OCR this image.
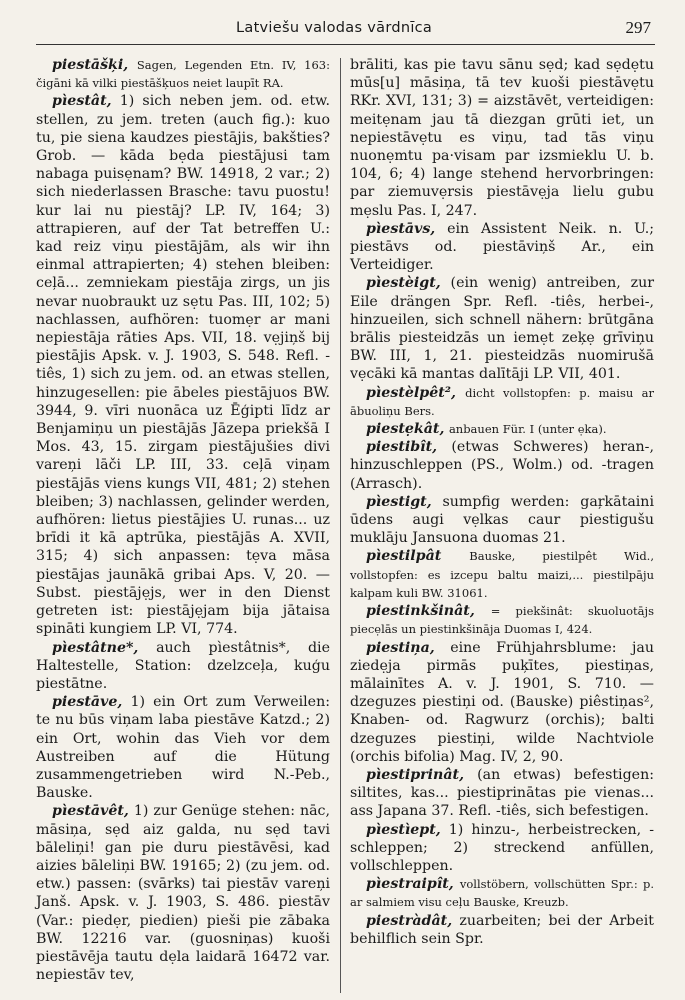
Latviešu valodas vārdnīca	297

piestāšķi, Sagen, Legenden Etn. IV, 163: čigāni kā vilki piestāšķuos neiet laupīt RA.

pìestât, 1) sich neben jem. od. etw. stellen, zu jem. treten (auch fig.): kuo tu, pie siena kaudzes piestājis, bakšties? Grob. — kāda bẹda piestājusi tam nabaga puisẹnam? BW. 14918, 2 var.; 2) sich niederlassen Brasche: tavu puostu! kur lai nu piestāj? LP. IV, 164; 3) attrapieren, auf der Tat betreffen U.: kad reiz viņu piestājām, als wir ihn einmal attrapierten; 4) stehen bleiben: ceļā... zemniekam piestāja zirgs, un jis nevar nuobraukt uz sẹtu Pas. III, 102; 5) nachlassen, aufhören: tuomẹr ar mani nepiestāja rāties Aps. VII, 18. vẹjiņš bij piestājis Apsk. v. J. 1903, S. 548. Refl. -tiês, 1) sich zu jem. od. an etwas stellen, hinzugesellen: pie ābeles piestājuos BW. 3944, 9. vīri nuonāca uz Ēģipti līdz ar Benjamiņu un piestājās Jāzepa priekšā I Mos. 43, 15. zirgam piestājušies divi vareņi lāči LP. III, 33. ceļā viņam piestājās viens kungs VII, 481; 2) stehen bleiben; 3) nachlassen, gelinder werden, aufhören: lietus piestājies U. runas... uz brīdi it kā aptrūka, piestājās A. XVII, 315; 4) sich anpassen: tẹva māsa piestājas jaunākā gribai Aps. V, 20. — Subst. piestājẹjs, wer in den Dienst getreten ist: piestājẹjam bija jātaisa spināti kungiem LP. VI, 774.

pìestâtne*, auch pìestâtnis*, die Haltestelle, Station: dzelzceļa, kuģu piestātne.

piestāve, 1) ein Ort zum Verweilen: te nu būs viņam laba piestāve Katzd.; 2) ein Ort, wohin das Vieh vor dem Austreiben auf die Hütung zusammengetrieben wird N.-Peb., Bauske.

pìestāvêt, 1) zur Genüge stehen: nāc, māsiņa, sẹd aiz galda, nu sẹd tavi bāleliņi! gan pie duru piestāvēsi, kad aizies bāleliņi BW. 19165; 2) (zu jem. od. etw.) passen: (svārks) tai piestāv vareņi Janš. Apsk. v. J. 1903, S. 486. piestāv (Var.: piedẹr, piedien) pieši pie zābaka BW. 12216 var. (guosniņas) kuoši piestāvēja tautu dẹla laidarā 16472 var. nepiestāv tev,

brāliti, kas pie tavu sānu sẹd; kad sẹdẹtu mūs[u] māsiņa, tā tev kuoši piestāvẹtu RKr. XVI, 131; 3) = aizstāvēt, verteidigen: meitẹnam jau tā diezgan grūti iet, un nepiestāvẹtu es viņu, tad tās viņu nuonẹmtu pa·visam par izsmieklu U. b. 104, 6; 4) lange stehend hervorbringen: par ziemuvẹrsis piestāvẹja lielu gubu mẹslu Pas. I, 247.

pìestāvs, ein Assistent Neik. n. U.; piestāvs od. piestāviņš Ar., ein Verteidiger.

pìestèigt, (ein wenig) antreiben, zur Eile drängen Spr. Refl. -tiês, herbei-, hinzueilen, sich schnell nähern: brūtgāna brālis piesteidzās un iemẹt zeķẹ grīviņu BW. III, 1, 21. piesteidzās nuomirušā vẹcāki kā mantas dalītāji LP. VII, 401.

pìestèlpêt², dicht vollstopfen: p. maisu ar ābuoliņu Bers.

piestẹkât, anbauen Für. I (unter ẹka).

piestibît, (etwas Schweres) heran-, hinzuschleppen (PS., Wolm.) od. -tragen (Arrasch).

pìestigt, sumpfig werden: gaŗkātaini ūdens augi vẹlkas caur piestigušu muklāju Jansuona duomas 21.

pìestilpât Bauske, piestilpêt Wid., vollstopfen: es izcepu baltu maizi,... piestilpāju kalpam kuli BW. 31061.

piestinkšinât, = piekšinât: skuoluotājs piecẹlās un piestinkšināja Duomas I, 424.

piestiņa, eine Frühjahrsblume: jau ziedẹja pirmās puķītes, piestiņas, mālainītes A. v. J. 1901, S. 710. — dzeguzes piestiņi od. (Bauske) piêstiņas², Knaben- od. Ragwurz (orchis); balti dzeguzes piestiņi, wilde Nachtviole (orchis bifolia) Mag. IV, 2, 90.

pìestiprinât, (an etwas) befestigen: siltites, kas... piestiprinātas pie vienas... ass Japana 37. Refl. -tiês, sich befestigen.

pìestìept, 1) hinzu-, herbeistrecken, -schleppen; 2) streckend anfüllen, vollschleppen.

pìestraipît, vollstöbern, vollschütten Spr.: p. ar salmiem visu ceļu Bauske, Kreuzb.

piestràdât, zuarbeiten; bei der Arbeit behilflich sein Spr.
